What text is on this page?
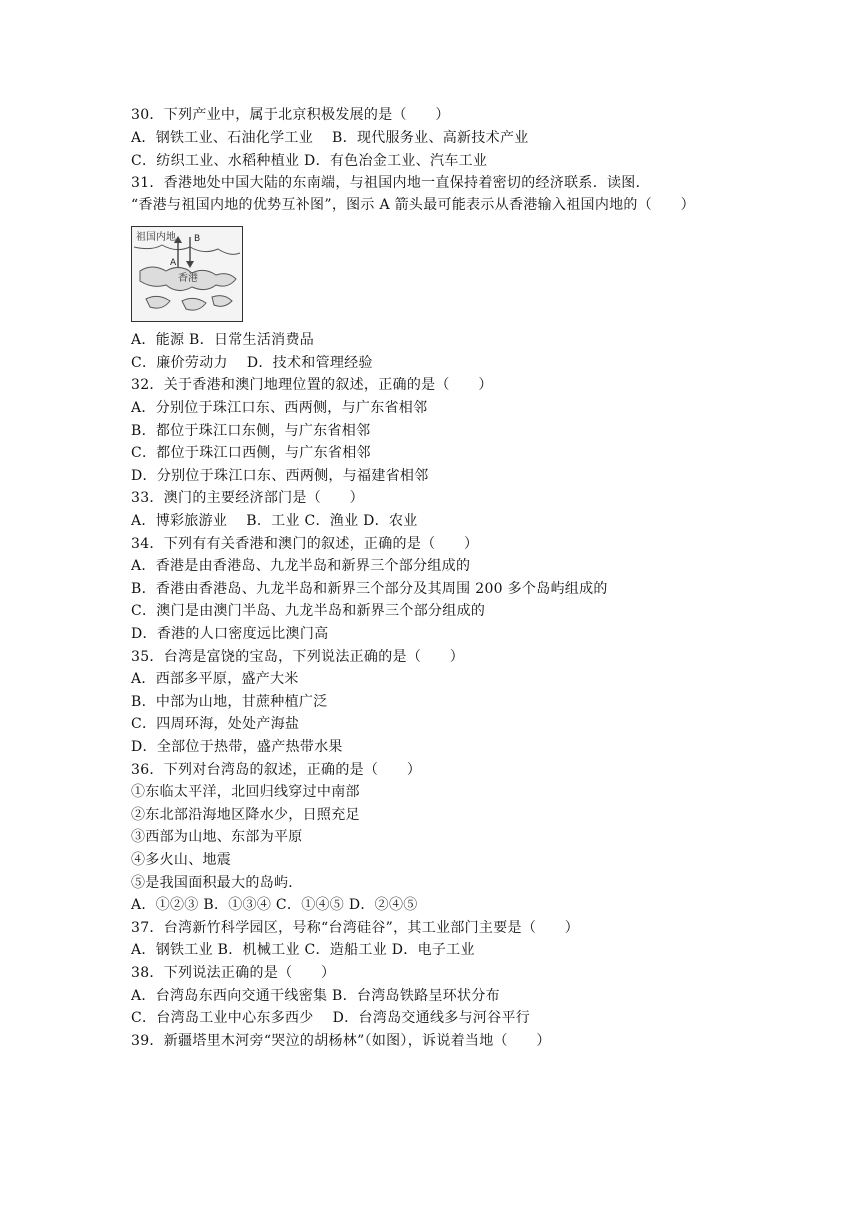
30．下列产业中，属于北京积极发展的是（　　）
A．钢铁工业、石油化学工业　 B．现代服务业、高新技术产业
C．纺织工业、水稻种植业 D．有色冶金工业、汽车工业
31．香港地处中国大陆的东南端，与祖国内地一直保持着密切的经济联系．读图．
“香港与祖国内地的优势互补图”，图示 A 箭头最可能表示从香港输入祖国内地的（　　）
祖国内地
香港
A
B
A．能源 B．日常生活消费品
C．廉价劳动力　 D．技术和管理经验
32．关于香港和澳门地理位置的叙述，正确的是（　　）
A．分别位于珠江口东、西两侧，与广东省相邻
B．都位于珠江口东侧，与广东省相邻
C．都位于珠江口西侧，与广东省相邻
D．分别位于珠江口东、西两侧，与福建省相邻
33．澳门的主要经济部门是（　　）
A．博彩旅游业　 B．工业 C．渔业 D．农业
34．下列有有关香港和澳门的叙述，正确的是（　　）
A．香港是由香港岛、九龙半岛和新界三个部分组成的
B．香港由香港岛、九龙半岛和新界三个部分及其周围 200 多个岛屿组成的
C．澳门是由澳门半岛、九龙半岛和新界三个部分组成的
D．香港的人口密度远比澳门高
35．台湾是富饶的宝岛，下列说法正确的是（　　）
A．西部多平原，盛产大米
B．中部为山地，甘蔗种植广泛
C．四周环海，处处产海盐
D．全部位于热带，盛产热带水果
36．下列对台湾岛的叙述，正确的是（　　）
①东临太平洋，北回归线穿过中南部
②东北部沿海地区降水少，日照充足
③西部为山地、东部为平原
④多火山、地震
⑤是我国面积最大的岛屿．
A．①②③ B．①③④ C．①④⑤ D．②④⑤
37．台湾新竹科学园区，号称“台湾硅谷”，其工业部门主要是（　　）
A．钢铁工业 B．机械工业 C．造船工业 D．电子工业
38．下列说法正确的是（　　）
A．台湾岛东西向交通干线密集 B．台湾岛铁路呈环状分布
C．台湾岛工业中心东多西少　 D．台湾岛交通线多与河谷平行
39．新疆塔里木河旁“哭泣的胡杨林”（如图），诉说着当地（　　）
